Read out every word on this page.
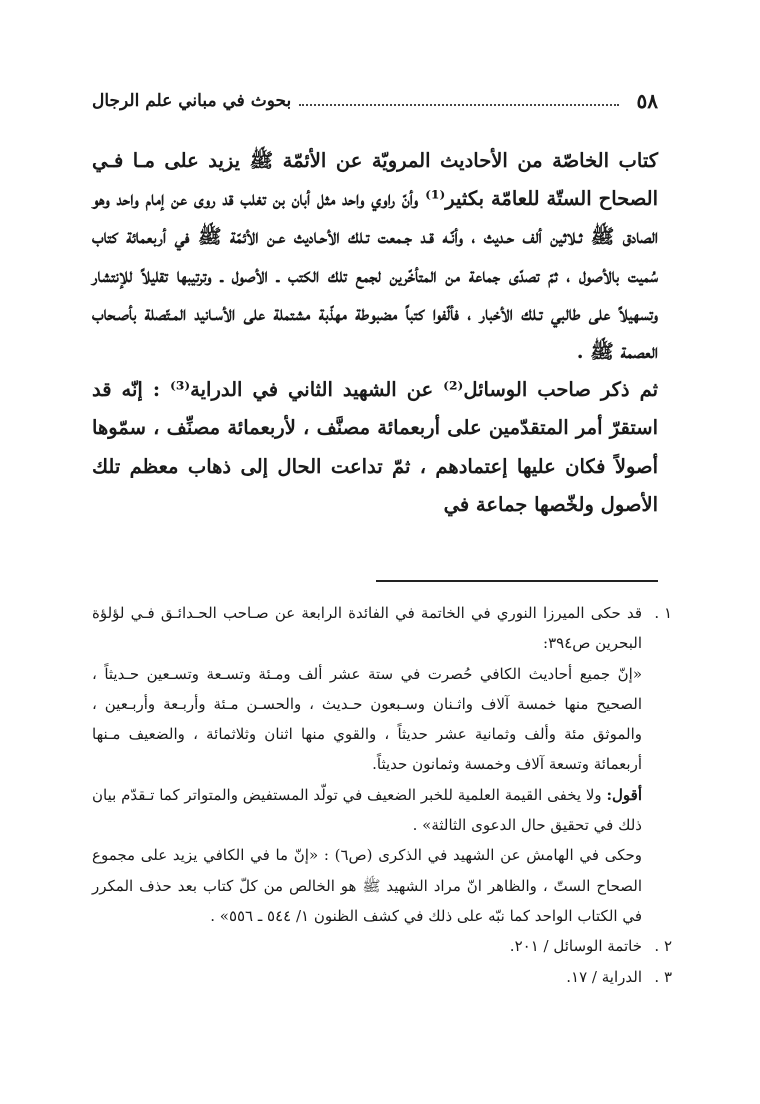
٥٨
بحوث في مباني علم الرجال

كتاب الخاصّة من الأحاديث المرويّة عن الأئمّة ﷺ يزيد على مـا فـي الصحاح الستّة للعامّة بكثير⁽¹⁾ وأنّ راوي واحد مثل أبان بن تغلب قد روى عن إمام واحد وهو الصادق ﷺ ثـلاثين ألف حـديث ، وأنّـه قـد جـمعت تـلك الأحـاديث عـن الأئمّة ﷺ في أربعمائة كتاب سُميت بالأصول ، ثمّ تصدّى جماعة من المتأخّرين لجمع تلك الكتب ـ الأصول ـ وترتيبها تقليلاً للإنتشار وتسهيلاً على طالبي تـلك الأخبار ، فألّفوا كتباً مضبوطة مهذّبة مشتملة على الأسـانيد المـتّصلة بأصـحاب العصمة ﷺ .

ثم ذكر صاحب الوسائل⁽²⁾ عن الشهيد الثاني في الدراية⁽³⁾ : إنّه قد استقرّ أمر المتقدّمين على أربعمائة مصنَّف ، لأربعمائة مصنِّف ، سمّوها أصولاً فكان عليها إعتمادهم ، ثمّ تداعت الحال إلى ذهاب معظم تلك الأصول ولخّصها جماعة في

١ .

قد حكى الميرزا النوري في الخاتمة في الفائدة الرابعة عن صـاحب الحـدائـق فـي لؤلؤة البحرين ص٣٩٤:

«إنّ جميع أحاديث الكافي حُصرت في ستة عشر ألف ومـئة وتسـعة وتسـعين حـديثاً ، الصحيح منها خمسة آلاف واثـنان وسـبعون حـديث ، والحسـن مـئة وأربـعة وأربـعين ، والموثق مئة وألف وثمانية عشر حديثاً ، والقوي منها اثنان وثلاثمائة ، والضعيف مـنها أربعمائة وتسعة آلاف وخمسة وثمانون حديثاً.

أقول: ولا يخفى القيمة العلمية للخبر الضعيف في تولّد المستفيض والمتواتر كما تـقدّم بيان ذلك في تحقيق حال الدعوى الثالثة» .

وحكى في الهامش عن الشهيد في الذكرى (ص٦) : «إنّ ما في الكافي يزيد على مجموع الصحاح الستّ ، والظاهر انّ مراد الشهيد ﷺ هو الخالص من كلّ كتاب بعد حذف المكرر في الكتاب الواحد كما نبّه على ذلك في كشف الظنون ١/ ٥٤٤ ـ ٥٥٦» .

٢ .

خاتمة الوسائل / ٢٠١.

٣ .

الدراية / ١٧.
